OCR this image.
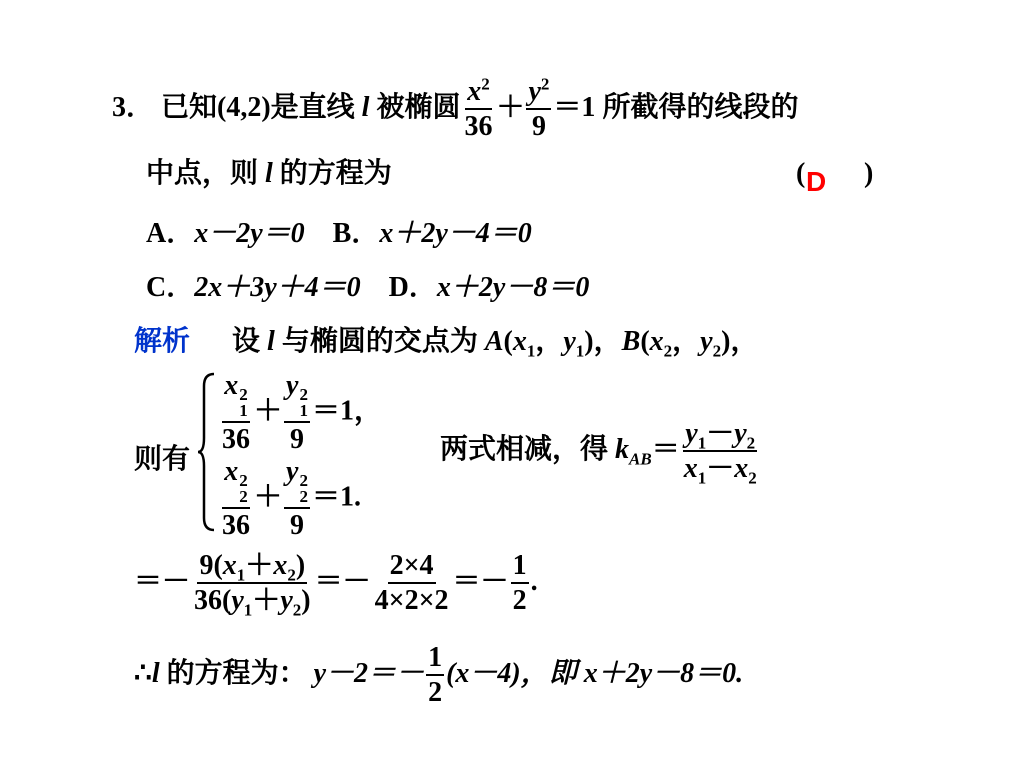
3． 已知(4,2)是直线 l 被椭圆 $\frac{x^2}{36} + \frac{y^2}{9} =1$ 所截得的线段的
中点，则 l 的方程为	( D )
A．x－2y＝0 B．x＋2y－4＝0
C．2x＋3y＋4＝0 D．x＋2y－8＝0
解析 设 l 与椭圆的交点为 $A(x_1$，$y_1$)，$B(x_2$，$y_2$)，
则有
x 2
1
36 ＋ y 2
1
9 ＝1，
x 2
2
36 ＋ y 2
2
9 ＝1.
两式相减，得 $k_{AB}= \frac{y_1-y_2}{x_1-x_2}$
＝－ $\frac{9(x_1+x_2)}{36(y_1+y_2)} =- \frac{2\times 4}{4\times 2\times 2} =- \frac{1}{2}$ .
∴l 的方程为： $y-2=- \frac{1}{2} (x-4)$，即 x＋2y－8＝0.
